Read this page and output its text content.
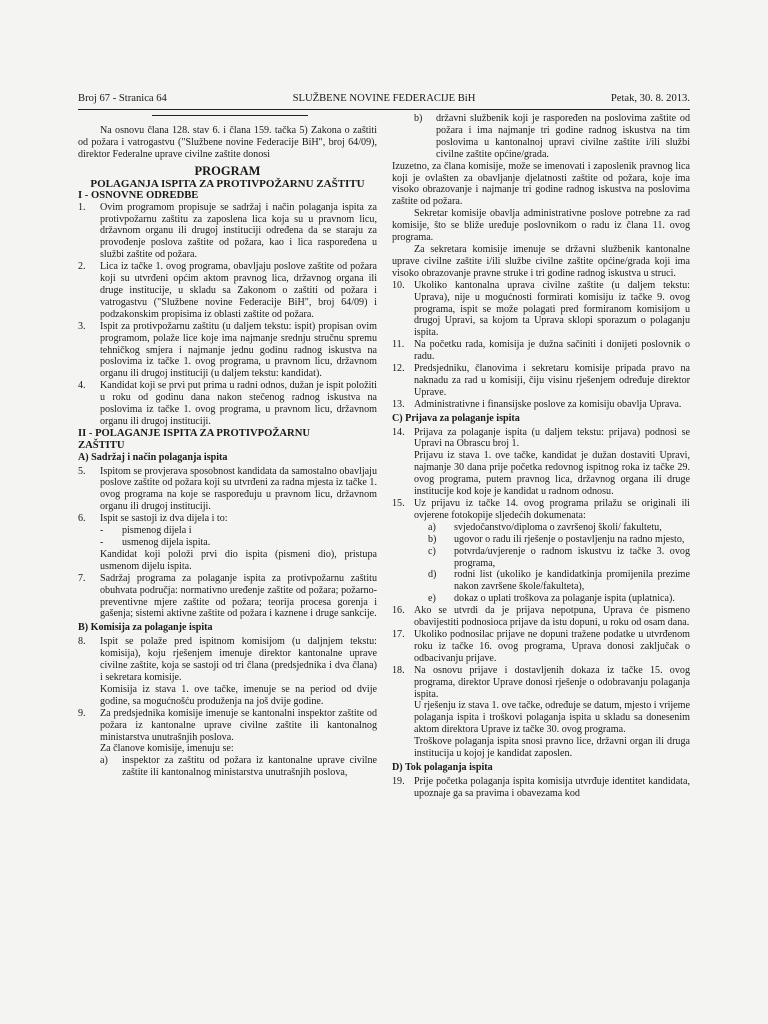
Broj 67 - Stranica 64	SLUŽBENE NOVINE FEDERACIJE BiH	Petak, 30. 8. 2013.

Na osnovu člana 128. stav 6. i člana 159. tačka 5) Zakona o zaštiti od požara i vatrogastvu ("Službene novine Federacije BiH", broj 64/09), direktor Federalne uprave civilne zaštite donosi

PROGRAM
POLAGANJA ISPITA ZA PROTIVPOŽARNU ZAŠTITU

I - OSNOVNE ODREDBE

1.	Ovim programom propisuje se sadržaj i način polaganja ispita za protivpožarnu zaštitu za zaposlena lica koja su u pravnom licu, državnom organu ili drugoj instituciji određena da se staraju za provođenje poslova zaštite od požara, kao i lica raspoređena u službi zaštite od požara.
2.	Lica iz tačke 1. ovog programa, obavljaju poslove zaštite od požara koji su utvrđeni općim aktom pravnog lica, državnog organa ili druge institucije, u skladu sa Zakonom o zaštiti od požara i vatrogastvu ("Službene novine Federacije BiH", broj 64/09) i podzakonskim propisima iz oblasti zaštite od požara.
3.	Ispit za protivpožarnu zaštitu (u daljem tekstu: ispit) propisan ovim programom, polaže lice koje ima najmanje srednju stručnu spremu tehničkog smjera i najmanje jednu godinu radnog iskustva na poslovima iz tačke 1. ovog programa, u pravnom licu, državnom organu ili drugoj instituciji (u daljem tekstu: kandidat).
4.	Kandidat koji se prvi put prima u radni odnos, dužan je ispit položiti u roku od godinu dana nakon stečenog radnog iskustva na poslovima iz tačke 1. ovog programa, u pravnom licu, državnom organu ili drugoj instituciji.

II - POLAGANJE ISPITA ZA PROTIVPOŽARNU

ZAŠTITU

A) Sadržaj i način polaganja ispita

5.	Ispitom se provjerava sposobnost kandidata da samostalno obavljaju poslove zaštite od požara koji su utvrđeni za radna mjesta iz tačke 1. ovog programa na koje se raspoređuju u pravnom licu, državnom organu ili drugoj instituciji.
6.	Ispit se sastoji iz dva dijela i to:
-	pismenog dijela i
-	usmenog dijela ispita.

Kandidat koji položi prvi dio ispita (pismeni dio), pristupa usmenom dijelu ispita.

7.	Sadržaj programa za polaganje ispita za protivpožarnu zaštitu obuhvata područja: normativno uređenje zaštite od požara; požarno-preventivne mjere zaštite od požara; teorija procesa gorenja i gašenja; sistemi aktivne zaštite od požara i kaznene i druge sankcije.

B) Komisija za polaganje ispita

8.	Ispit se polaže pred ispitnom komisijom (u daljnjem tekstu: komisija), koju rješenjem imenuje direktor kantonalne uprave civilne zaštite, koja se sastoji od tri člana (predsjednika i dva člana) i sekretara komisije.

Komisija iz stava 1. ove tačke, imenuje se na period od dvije godine, sa mogućnošću produženja na još dvije godine.

9.	Za predsjednika komisije imenuje se kantonalni inspektor zaštite od požara iz kantonalne uprave civilne zaštite ili kantonalnog ministarstva unutrašnjih poslova.

Za članove komisije, imenuju se:

a)	inspektor za zaštitu od požara iz kantonalne uprave civilne zaštite ili kantonalnog ministarstva unutrašnjih poslova,
b)	državni službenik koji je raspoređen na poslovima zaštite od požara i ima najmanje tri godine radnog iskustva na tim poslovima u kantonalnoj upravi civilne zaštite i/ili službi civilne zaštite općine/grada.

Izuzetno, za člana komisije, može se imenovati i zaposlenik pravnog lica koji je ovlašten za obavljanje djelatnosti zaštite od požara, koje ima visoko obrazovanje i najmanje tri godine radnog iskustva na poslovima zaštite od požara.

Sekretar komisije obavlja administrativne poslove potrebne za rad komisije, što se bliže uređuje poslovnikom o radu iz člana 11. ovog programa.

Za sekretara komisije imenuje se državni službenik kantonalne uprave civilne zaštite i/ili službe civilne zaštite općine/grada koji ima visoko obrazovanje pravne struke i tri godine radnog iskustva u struci.

10. Ukoliko kantonalna uprava civilne zaštite (u daljem tekstu: Uprava), nije u mogućnosti formirati komisiju iz tačke 9. ovog programa, ispit se može polagati pred formiranom komisijom u drugoj Upravi, sa kojom ta Uprava sklopi sporazum o polaganju ispita.
11. Na početku rada, komisija je dužna sačiniti i donijeti poslovnik o radu.
12. Predsjedniku, članovima i sekretaru komisije pripada pravo na naknadu za rad u komisiji, čiju visinu rješenjem određuje direktor Uprave.
13. Administrativne i finansijske poslove za komisiju obavlja Uprava.

C) Prijava za polaganje ispita

14. Prijava za polaganje ispita (u daljem tekstu: prijava) podnosi se Upravi na Obrascu broj 1.

Prijavu iz stava 1. ove tačke, kandidat je dužan dostaviti Upravi, najmanje 30 dana prije početka redovnog ispitnog roka iz tačke 29. ovog programa, putem pravnog lica, državnog organa ili druge institucije kod koje je kandidat u radnom odnosu.

15. Uz prijavu iz tačke 14. ovog programa prilažu se originali ili ovjerene fotokopije sljedećih dokumenata:
a)	svjedočanstvo/diploma o završenoj školi/ fakultetu,
b)	ugovor o radu ili rješenje o postavljenju na radno mjesto,
c)	potvrda/uvjerenje o radnom iskustvu iz tačke 3. ovog programa,
d)	rodni list (ukoliko je kandidatkinja promijenila prezime nakon završene škole/fakulteta),
e)	dokaz o uplati troškova za polaganje ispita (uplatnica).
16. Ako se utvrdi da je prijava nepotpuna, Uprava će pismeno obavijestiti podnosioca prijave da istu dopuni, u roku od osam dana.
17. Ukoliko podnosilac prijave ne dopuni tražene podatke u utvrđenom roku iz tačke 16. ovog programa, Uprava donosi zaključak o odbacivanju prijave.
18. Na osnovu prijave i dostavljenih dokaza iz tačke 15. ovog programa, direktor Uprave donosi rješenje o odobravanju polaganja ispita.

U rješenju iz stava 1. ove tačke, određuje se datum, mjesto i vrijeme polaganja ispita i troškovi polaganja ispita u skladu sa donesenim aktom direktora Uprave iz tačke 30. ovog programa.

Troškove polaganja ispita snosi pravno lice, državni organ ili druga institucija u kojoj je kandidat zaposlen.

D) Tok polaganja ispita

19. Prije početka polaganja ispita komisija utvrđuje identitet kandidata, upoznaje ga sa pravima i obavezama kod
